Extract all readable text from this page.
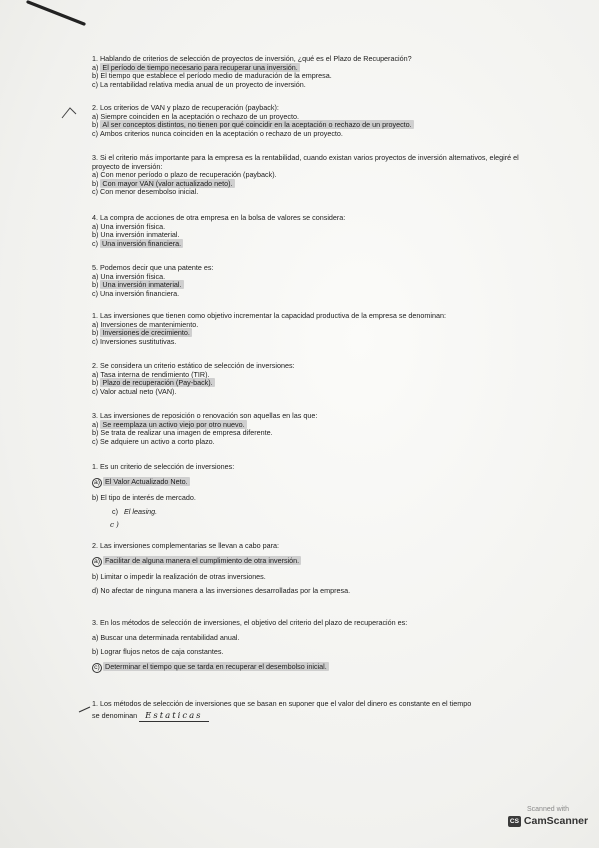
1. Hablando de criterios de selección de proyectos de inversión, ¿qué es el Plazo de Recuperación?

a) El período de tiempo necesario para recuperar una inversión.

b) El tiempo que establece el período medio de maduración de la empresa.

c) La rentabilidad relativa media anual de un proyecto de inversión.

2. Los criterios de VAN y plazo de recuperación (payback):

a) Siempre coinciden en la aceptación o rechazo de un proyecto.

b) Al ser conceptos distintos, no tienen por qué coincidir en la aceptación o rechazo de un proyecto.

c) Ambos criterios nunca coinciden en la aceptación o rechazo de un proyecto.

3. Si el criterio más importante para la empresa es la rentabilidad, cuando existan varios proyectos de inversión alternativos, elegiré el proyecto de inversión:

a) Con menor período o plazo de recuperación (payback).

b) Con mayor VAN (valor actualizado neto).

c) Con menor desembolso inicial.

4. La compra de acciones de otra empresa en la bolsa de valores se considera:

a) Una inversión física.

b) Una inversión inmaterial.

c) Una inversión financiera.

5. Podemos decir que una patente es:

a) Una inversión física.

b) Una inversión inmaterial.

c) Una inversión financiera.

1. Las inversiones que tienen como objetivo incrementar la capacidad productiva de la empresa se denominan:

a) Inversiones de mantenimiento.

b) Inversiones de crecimiento.

c) Inversiones sustitutivas.

2. Se considera un criterio estático de selección de inversiones:

a) Tasa interna de rendimiento (TIR).

b) Plazo de recuperación (Pay-back).

c) Valor actual neto (VAN).

3. Las inversiones de reposición o renovación son aquellas en las que:

a) Se reemplaza un activo viejo por otro nuevo.

b) Se trata de realizar una imagen de empresa diferente.

c) Se adquiere un activo a corto plazo.

1. Es un criterio de selección de inversiones:

a) El Valor Actualizado Neto.

b) El tipo de interés de mercado.

c) El leasing.

c)

2. Las inversiones complementarias se llevan a cabo para:

a) Facilitar de alguna manera el cumplimiento de otra inversión.

b) Limitar o impedir la realización de otras inversiones.

d) No afectar de ninguna manera a las inversiones desarrolladas por la empresa.

3. En los métodos de selección de inversiones, el objetivo del criterio del plazo de recuperación es:

a) Buscar una determinada rentabilidad anual.

b) Lograr flujos netos de caja constantes.

c) Determinar el tiempo que se tarda en recuperar el desembolso inicial.

1. Los métodos de selección de inversiones que se basan en suponer que el valor del dinero es constante en el tiempo

se denominan Estaticas

Scanned with
CS CamScanner
